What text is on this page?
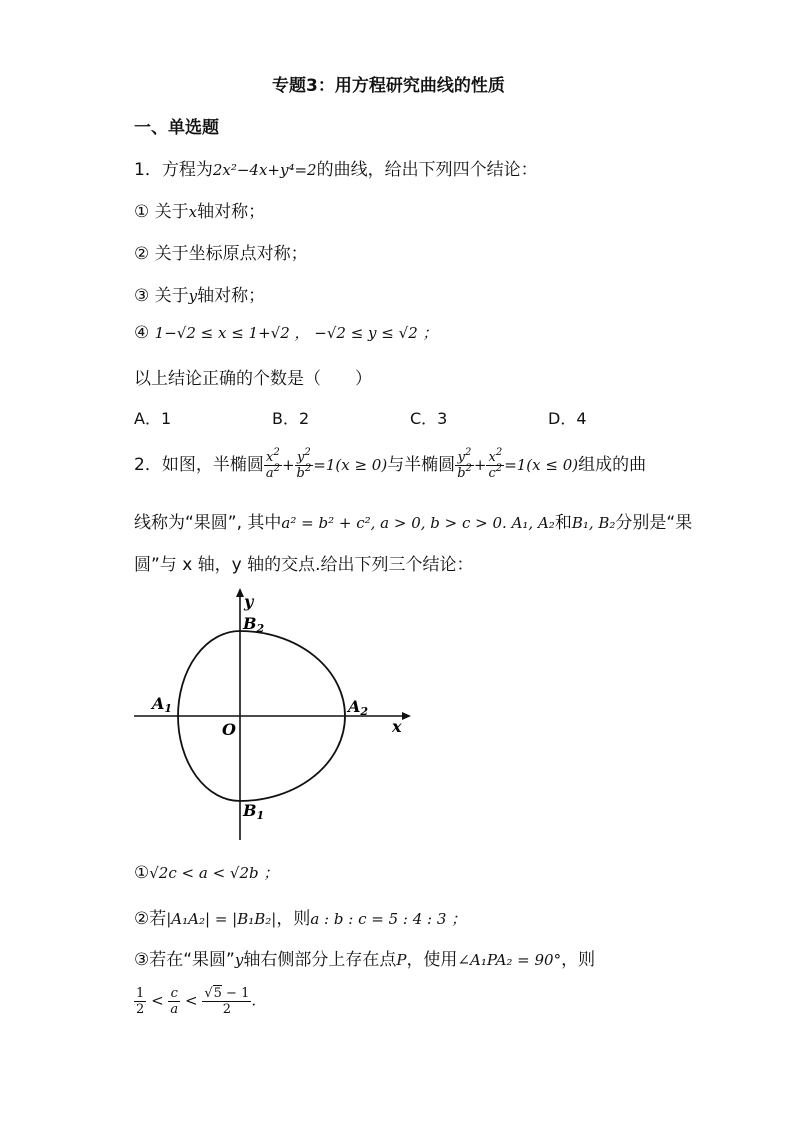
专题3：用方程研究曲线的性质
一、单选题
1．方程为2x²−4x+y⁴=2的曲线，给出下列四个结论：
① 关于x轴对称；
② 关于坐标原点对称；
③ 关于y轴对称；
④ 1−√2 ≤ x ≤ 1+√2 ， −√2 ≤ y ≤ √2 ；
以上结论正确的个数是（　　）
A．1	B．2	C．3	D．4
2．如图，半椭圆 $\frac{x^2}{a^2} + \frac{y^2}{b^2} =1(x \ge 0)$与半椭圆 $\frac{y^2}{b^2} + \frac{x^2}{c^2} =1(x \le 0)$组成的曲
线称为“果圆”, 其中a² = b² + c², a > 0, b > c > 0. A₁, A₂和B₁, B₂分别是“果
圆”与 x 轴，y 轴的交点.给出下列三个结论：
y
x
O
A1	A2
B2
B1
①√2c < a < √2b ；
②若|A₁A₂| = |B₁B₂|，则a : b : c = 5 : 4 : 3 ；
③若在“果圆”y轴右侧部分上存在点P，使用∠A₁PA₂ = 90°，则
$\frac{1}{2} < \frac{c}{a} < \frac{√5 - 1}{2}$ .
